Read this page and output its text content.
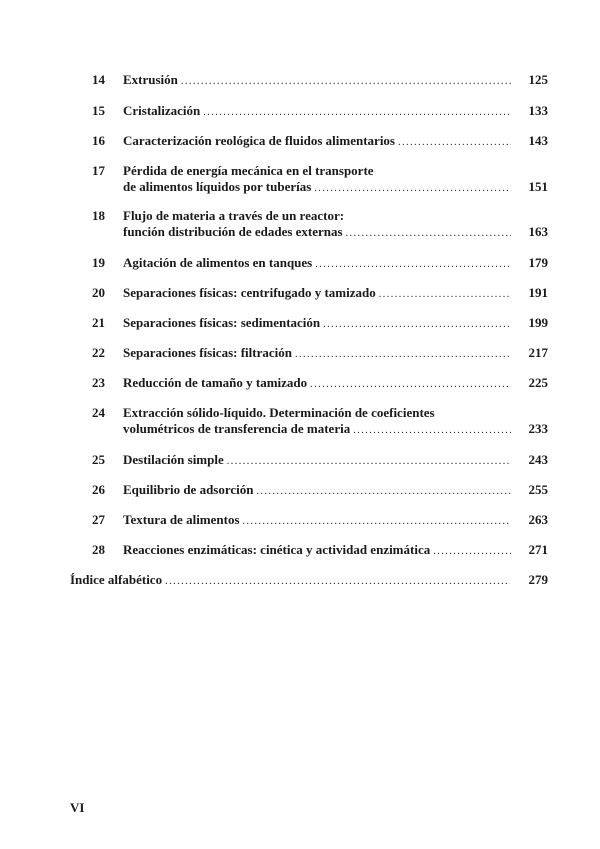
14 Extrusión .....	125
15 Cristalización .....	133
16 Caracterización reológica de fluidos alimentarios .....	143
17 Pérdida de energía mecánica en el transporte
de alimentos líquidos por tuberías .....	151
18 Flujo de materia a través de un reactor:
función distribución de edades externas .....	163
19 Agitación de alimentos en tanques .....	179
20 Separaciones físicas: centrifugado y tamizado .....	191
21 Separaciones físicas: sedimentación .....	199
22 Separaciones físicas: filtración .....	217
23 Reducción de tamaño y tamizado .....	225
24 Extracción sólido-líquido. Determinación de coeficientes
volumétricos de transferencia de materia .....	233
25 Destilación simple .....	243
26 Equilibrio de adsorción .....	255
27 Textura de alimentos .....	263
28 Reacciones enzimáticas: cinética y actividad enzimática .....	271
Índice alfabético .....	279
VI
